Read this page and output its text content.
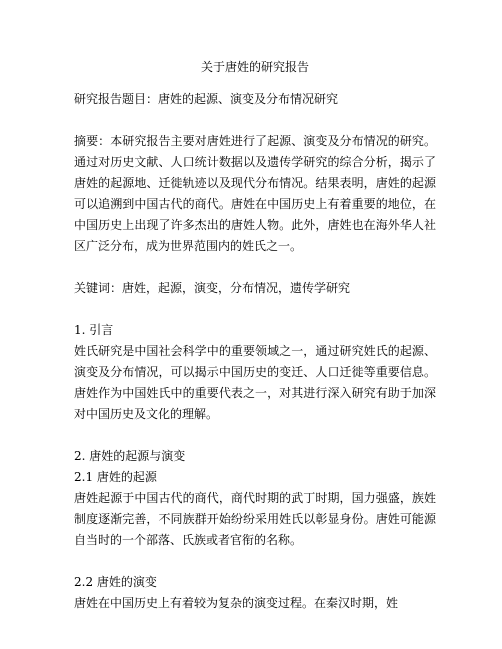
关于唐姓的研究报告

研究报告题目：唐姓的起源、演变及分布情况研究

摘要：本研究报告主要对唐姓进行了起源、演变及分布情况的研究。通过对历史文献、人口统计数据以及遗传学研究的综合分析，揭示了唐姓的起源地、迁徙轨迹以及现代分布情况。结果表明，唐姓的起源可以追溯到中国古代的商代。唐姓在中国历史上有着重要的地位，在中国历史上出现了许多杰出的唐姓人物。此外，唐姓也在海外华人社区广泛分布，成为世界范围内的姓氏之一。

关键词：唐姓，起源，演变，分布情况，遗传学研究

1. 引言

姓氏研究是中国社会科学中的重要领域之一，通过研究姓氏的起源、演变及分布情况，可以揭示中国历史的变迁、人口迁徙等重要信息。唐姓作为中国姓氏中的重要代表之一，对其进行深入研究有助于加深对中国历史及文化的理解。

2. 唐姓的起源与演变

2.1 唐姓的起源

唐姓起源于中国古代的商代，商代时期的武丁时期，国力强盛，族姓制度逐渐完善，不同族群开始纷纷采用姓氏以彰显身份。唐姓可能源自当时的一个部落、氏族或者官衔的名称。

2.2 唐姓的演变

唐姓在中国历史上有着较为复杂的演变过程。在秦汉时期，姓
